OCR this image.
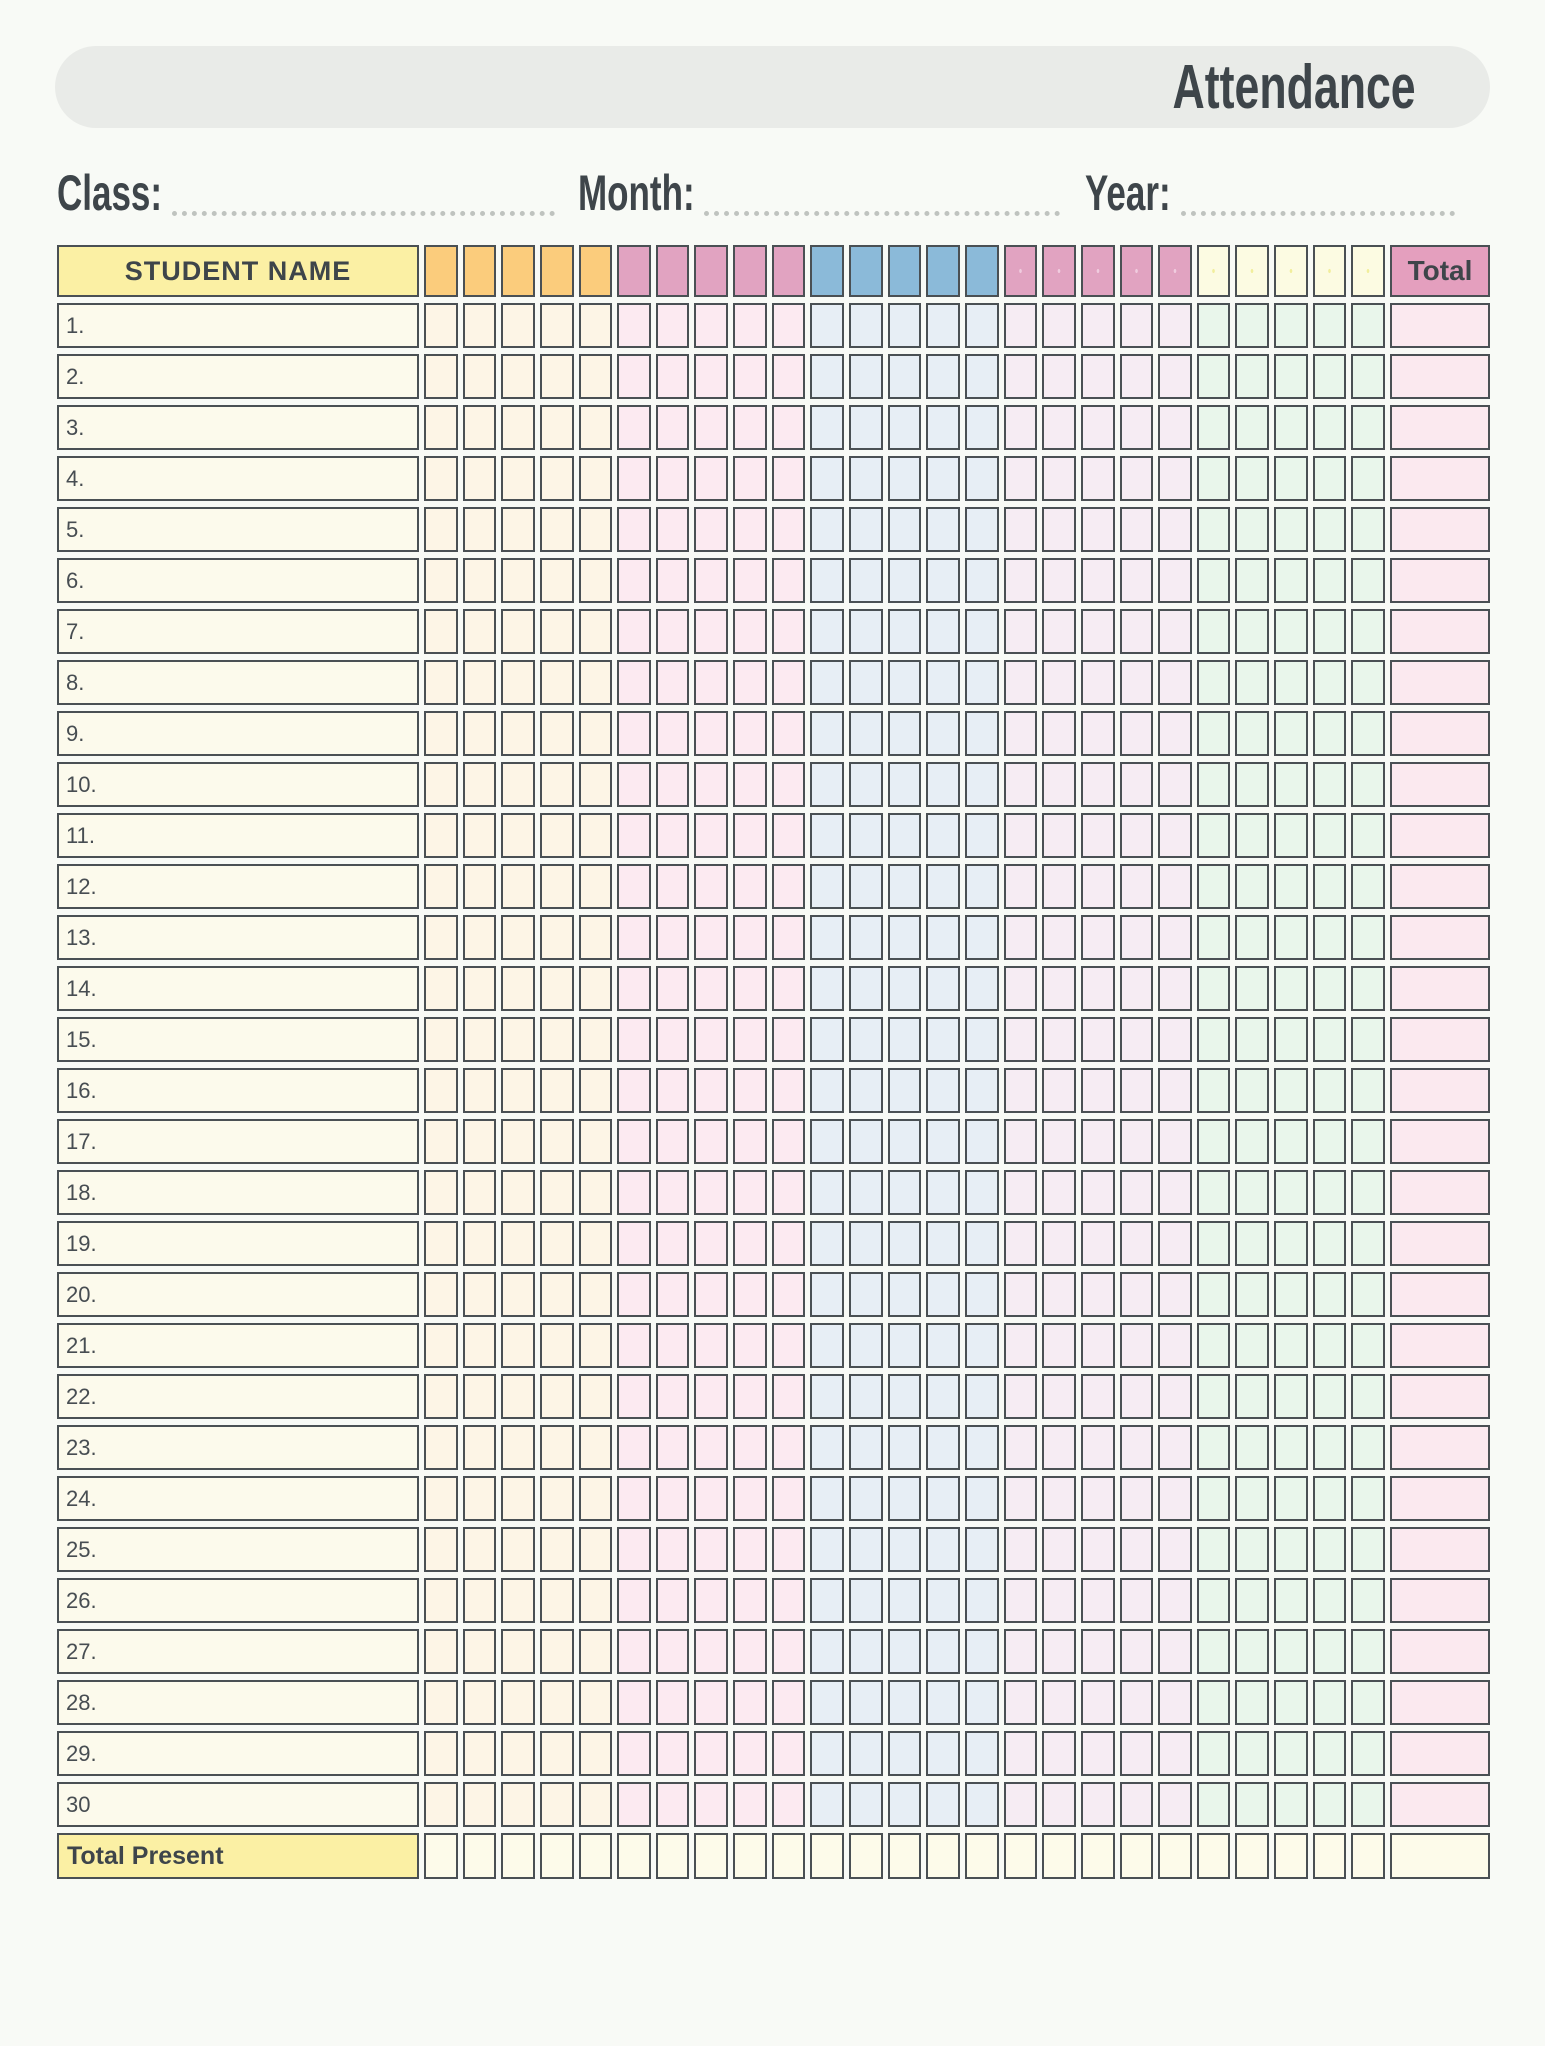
Attendance
Class:	Month:	Year:
STUDENT NAME	Total
1.
2.
3.
4.
5.
6.
7.
8.
9.
10.
11.
12.
13.
14.
15.
16.
17.
18.
19.
20.
21.
22.
23.
24.
25.
26.
27.
28.
29.
30
Total Present
